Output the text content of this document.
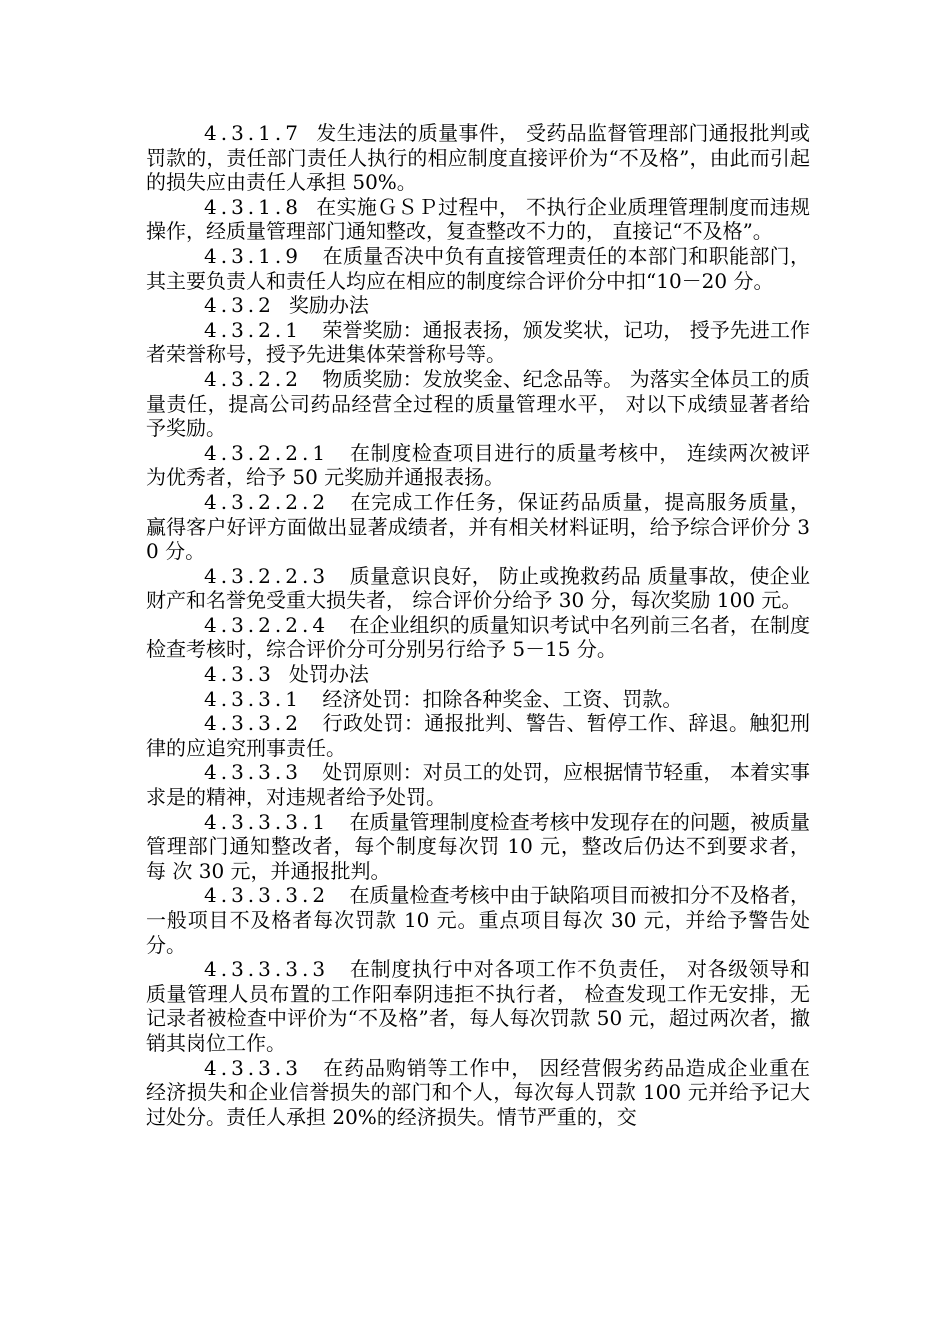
4.3.1.7 发生违法的质量事件， 受药品监督管理部门通报批判或罚款的，责任部门责任人执行的相应制度直接评价为“不及格”，由此而引起的损失应由责任人承担 50%。

4.3.1.8 在实施ＧＳＰ过程中， 不执行企业质理管理制度而违规操作，经质量管理部门通知整改，复查整改不力的， 直接记“不及格”。

4.3.1.9 在质量否决中负有直接管理责任的本部门和职能部门，其主要负责人和责任人均应在相应的制度综合评价分中扣“10－20 分。

4.3.2 奖励办法

4.3.2.1 荣誉奖励：通报表扬，颁发奖状，记功， 授予先进工作者荣誉称号，授予先进集体荣誉称号等。

4.3.2.2 物质奖励：发放奖金、纪念品等。 为落实全体员工的质量责任，提高公司药品经营全过程的质量管理水平， 对以下成绩显著者给予奖励。

4.3.2.2.1 在制度检查项目进行的质量考核中， 连续两次被评为优秀者，给予 50 元奖励并通报表扬。

4.3.2.2.2 在完成工作任务，保证药品质量，提高服务质量， 赢得客户好评方面做出显著成绩者，并有相关材料证明，给予综合评价分 30 分。

4.3.2.2.3 质量意识良好， 防止或挽救药品 质量事故，使企业财产和名誉免受重大损失者， 综合评价分给予 30 分，每次奖励 100 元。

4.3.2.2.4 在企业组织的质量知识考试中名列前三名者，在制度检查考核时，综合评价分可分别另行给予 5－15 分。

4.3.3 处罚办法

4.3.3.1 经济处罚：扣除各种奖金、工资、罚款。

4.3.3.2 行政处罚：通报批判、警告、暂停工作、辞退。触犯刑律的应追究刑事责任。

4.3.3.3 处罚原则：对员工的处罚，应根据情节轻重， 本着实事求是的精神，对违规者给予处罚。

4.3.3.3.1 在质量管理制度检查考核中发现存在的问题，被质量管理部门通知整改者，每个制度每次罚 10 元，整改后仍达不到要求者， 每 次 30 元，并通报批判。

4.3.3.3.2 在质量检查考核中由于缺陷项目而被扣分不及格者，一般项目不及格者每次罚款 10 元。重点项目每次 30 元，并给予警告处分。

4.3.3.3.3 在制度执行中对各项工作不负责任， 对各级领导和质量管理人员布置的工作阳奉阴违拒不执行者， 检查发现工作无安排，无记录者被检查中评价为“不及格”者，每人每次罚款 50 元，超过两次者，撤销其岗位工作。

4.3.3.3 在药品购销等工作中， 因经营假劣药品造成企业重在 经济损失和企业信誉损失的部门和个人，每次每人罚款 100 元并给予记大过处分。责任人承担 20%的经济损失。情节严重的，交
